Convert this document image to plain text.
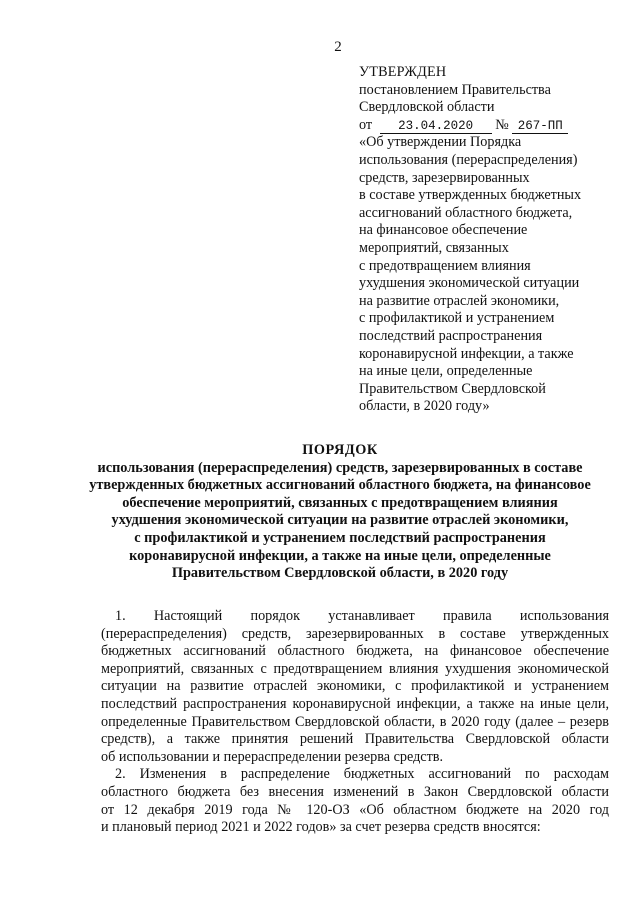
2
УТВЕРЖДЕН
постановлением Правительства
Свердловской области
от 23.04.2020 № 267-ПП
«Об утверждении Порядка
использования (перераспределения)
средств, зарезервированных
в составе утвержденных бюджетных
ассигнований областного бюджета,
на финансовое обеспечение
мероприятий, связанных
с предотвращением влияния
ухудшения экономической ситуации
на развитие отраслей экономики,
с профилактикой и устранением
последствий распространения
коронавирусной инфекции, а также
на иные цели, определенные
Правительством Свердловской
области, в 2020 году»
ПОРЯДОК
использования (перераспределения) средств, зарезервированных в составе
утвержденных бюджетных ассигнований областного бюджета, на финансовое
обеспечение мероприятий, связанных с предотвращением влияния
ухудшения экономической ситуации на развитие отраслей экономики,
с профилактикой и устранением последствий распространения
коронавирусной инфекции, а также на иные цели, определенные
Правительством Свердловской области, в 2020 году
1. Настоящий порядок устанавливает правила использования
(перераспределения) средств, зарезервированных в составе утвержденных
бюджетных ассигнований областного бюджета, на финансовое обеспечение
мероприятий, связанных с предотвращением влияния ухудшения экономической
ситуации на развитие отраслей экономики, с профилактикой и устранением
последствий распространения коронавирусной инфекции, а также на иные цели,
определенные Правительством Свердловской области, в 2020 году (далее – резерв
средств), а также принятия решений Правительства Свердловской области
об использовании и перераспределении резерва средств.
2. Изменения в распределение бюджетных ассигнований по расходам
областного бюджета без внесения изменений в Закон Свердловской области
от 12 декабря 2019 года № 120-ОЗ «Об областном бюджете на 2020 год
и плановый период 2021 и 2022 годов» за счет резерва средств вносятся:
